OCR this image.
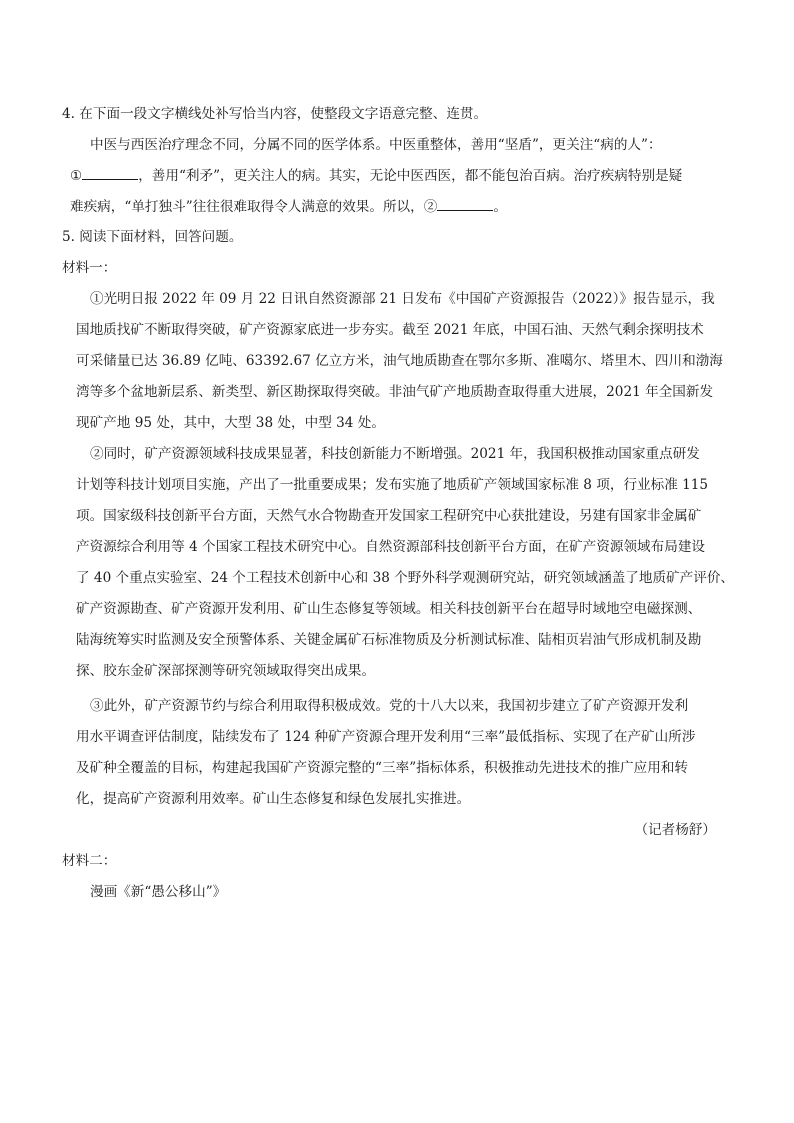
4. 在下面一段文字横线处补写恰当内容，使整段文字语意完整、连贯。
中医与西医治疗理念不同，分属不同的医学体系。中医重整体，善用“坚盾”，更关注“病的人”：
①	，善用“利矛”，更关注人的病。其实，无论中医西医，都不能包治百病。治疗疾病特别是疑
难疾病，“单打独斗”往往很难取得令人满意的效果。所以，②	。
5. 阅读下面材料，回答问题。
材料一：
①光明日报 2022 年 09 月 22 日讯自然资源部 21 日发布《中国矿产资源报告（2022）》报告显示，我
国地质找矿不断取得突破，矿产资源家底进一步夯实。截至 2021 年底，中国石油、天然气剩余探明技术
可采储量已达 36.89 亿吨、63392.67 亿立方米，油气地质勘查在鄂尔多斯、准噶尔、塔里木、四川和渤海
湾等多个盆地新层系、新类型、新区勘探取得突破。非油气矿产地质勘查取得重大进展，2021 年全国新发
现矿产地 95 处，其中，大型 38 处，中型 34 处。
②同时，矿产资源领域科技成果显著，科技创新能力不断增强。2021 年，我国积极推动国家重点研发
计划等科技计划项目实施，产出了一批重要成果；发布实施了地质矿产领域国家标准 8 项，行业标准 115
项。国家级科技创新平台方面，天然气水合物勘查开发国家工程研究中心获批建设，另建有国家非金属矿
产资源综合利用等 4 个国家工程技术研究中心。自然资源部科技创新平台方面，在矿产资源领域布局建设
了 40 个重点实验室、24 个工程技术创新中心和 38 个野外科学观测研究站，研究领域涵盖了地质矿产评价、
矿产资源勘查、矿产资源开发利用、矿山生态修复等领域。相关科技创新平台在超导时域地空电磁探测、
陆海统筹实时监测及安全预警体系、关键金属矿石标准物质及分析测试标准、陆相页岩油气形成机制及勘
探、胶东金矿深部探测等研究领域取得突出成果。
③此外，矿产资源节约与综合利用取得积极成效。党的十八大以来，我国初步建立了矿产资源开发利
用水平调查评估制度，陆续发布了 124 种矿产资源合理开发利用“三率”最低指标、实现了在产矿山所涉
及矿种全覆盖的目标，构建起我国矿产资源完整的“三率”指标体系，积极推动先进技术的推广应用和转
化，提高矿产资源利用效率。矿山生态修复和绿色发展扎实推进。
（记者杨舒）
材料二：
漫画《新“愚公移山”》
